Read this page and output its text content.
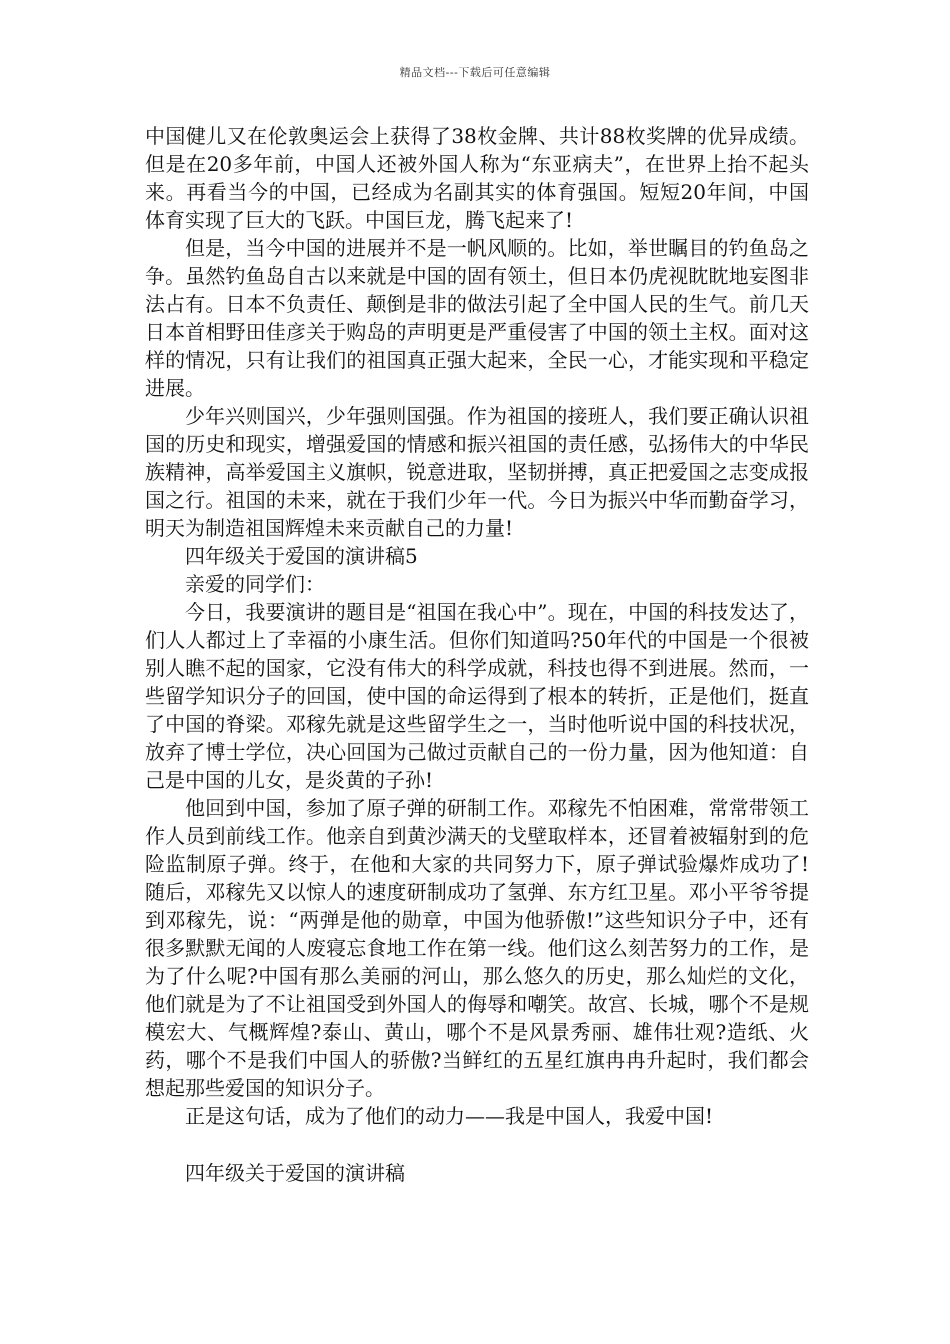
精品文档---下载后可任意编辑

中国健儿又在伦敦奥运会上获得了38枚金牌、共计88枚奖牌的优异成绩。但是在20多年前，中国人还被外国人称为“东亚病夫”，在世界上抬不起头来。再看当今的中国，已经成为名副其实的体育强国。短短20年间，中国体育实现了巨大的飞跃。中国巨龙，腾飞起来了!

但是，当今中国的进展并不是一帆风顺的。比如，举世瞩目的钓鱼岛之争。虽然钓鱼岛自古以来就是中国的固有领土，但日本仍虎视眈眈地妄图非法占有。日本不负责任、颠倒是非的做法引起了全中国人民的生气。前几天日本首相野田佳彦关于购岛的声明更是严重侵害了中国的领土主权。面对这样的情况，只有让我们的祖国真正强大起来，全民一心，才能实现和平稳定进展。

少年兴则国兴，少年强则国强。作为祖国的接班人，我们要正确认识祖国的历史和现实，增强爱国的情感和振兴祖国的责任感，弘扬伟大的中华民族精神，高举爱国主义旗帜，锐意进取，坚韧拼搏，真正把爱国之志变成报国之行。祖国的未来，就在于我们少年一代。今日为振兴中华而勤奋学习，明天为制造祖国辉煌未来贡献自己的力量!

四年级关于爱国的演讲稿5

亲爱的同学们：

今日，我要演讲的题目是“祖国在我心中”。现在，中国的科技发达了，们人人都过上了幸福的小康生活。但你们知道吗?50年代的中国是一个很被别人瞧不起的国家，它没有伟大的科学成就，科技也得不到进展。然而，一些留学知识分子的回国，使中国的命运得到了根本的转折，正是他们，挺直了中国的脊梁。邓稼先就是这些留学生之一，当时他听说中国的科技状况，放弃了博士学位，决心回国为己做过贡献自己的一份力量，因为他知道：自己是中国的儿女，是炎黄的子孙!

他回到中国，参加了原子弹的研制工作。邓稼先不怕困难，常常带领工作人员到前线工作。他亲自到黄沙满天的戈壁取样本，还冒着被辐射到的危险监制原子弹。终于，在他和大家的共同努力下，原子弹试验爆炸成功了!随后，邓稼先又以惊人的速度研制成功了氢弹、东方红卫星。邓小平爷爷提到邓稼先，说：“两弹是他的勋章，中国为他骄傲!”这些知识分子中，还有很多默默无闻的人废寝忘食地工作在第一线。他们这么刻苦努力的工作，是为了什么呢?中国有那么美丽的河山，那么悠久的历史，那么灿烂的文化，他们就是为了不让祖国受到外国人的侮辱和嘲笑。故宫、长城，哪个不是规模宏大、气概辉煌?泰山、黄山，哪个不是风景秀丽、雄伟壮观?造纸、火药，哪个不是我们中国人的骄傲?当鲜红的五星红旗冉冉升起时，我们都会想起那些爱国的知识分子。

正是这句话，成为了他们的动力——我是中国人，我爱中国!

四年级关于爱国的演讲稿
